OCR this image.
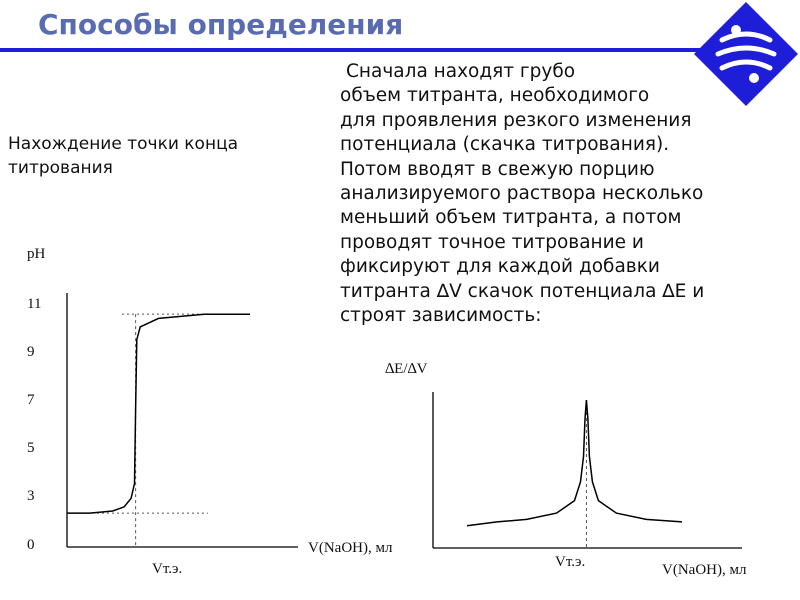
Способы определения
Нахождение точки конца титрования
Сначала находят грубо
объем титранта, необходимого
для проявления резкого изменения
потенциала (скачка титрования).
Потом вводят в свежую порцию
анализируемого раствора несколько
меньший объем титранта, а потом
проводят точное титрование и
фиксируют для каждой добавки
титранта ∆V скачок потенциала ∆E и
строят зависимость:
pH
11
9
7
5
3
0
Vт.э.
V(NaOH), мл
∆E/∆V
Vт.э.	V(NaOH), мл
